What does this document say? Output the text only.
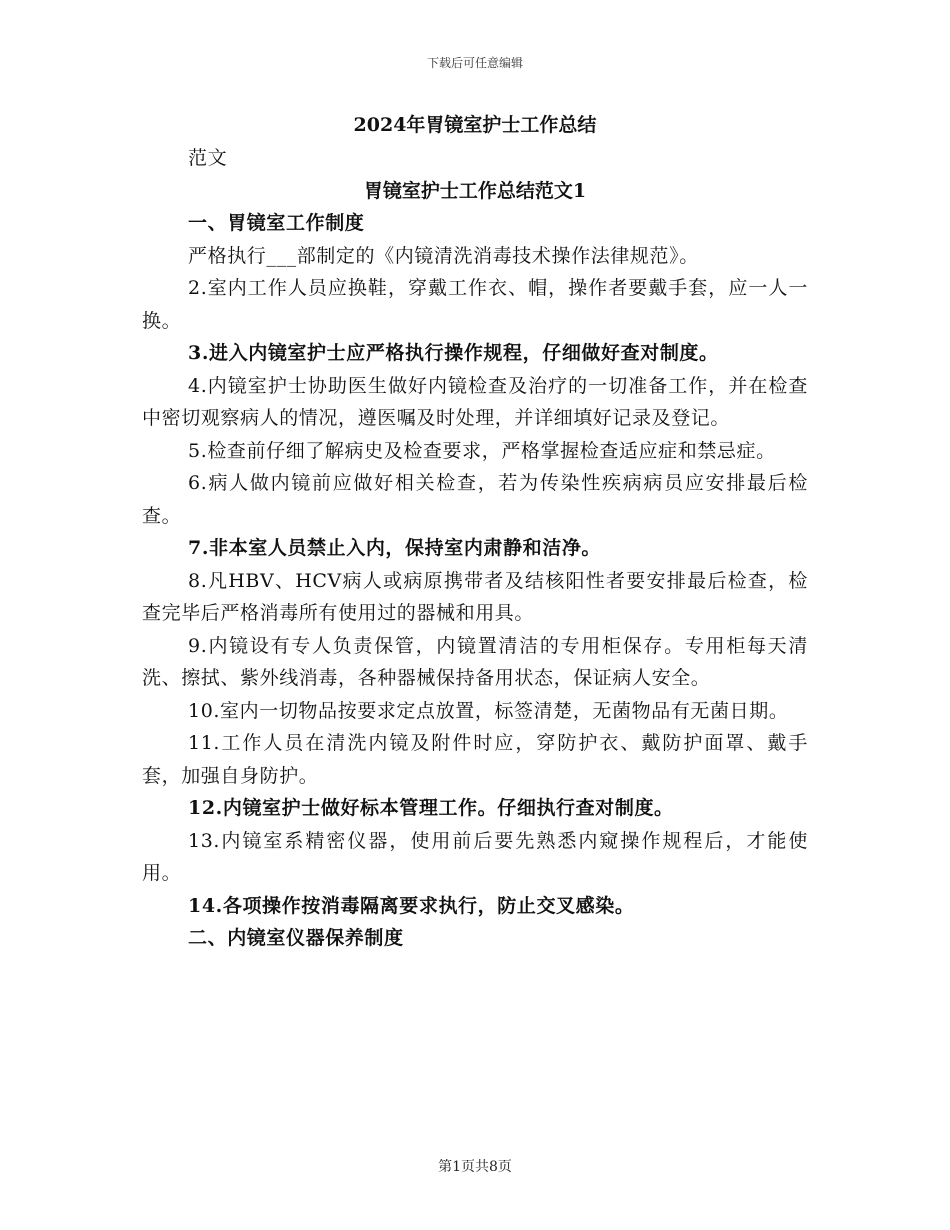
下载后可任意编辑
2024年胃镜室护士工作总结

范文

胃镜室护士工作总结范文1

一、胃镜室工作制度

严格执行___部制定的《内镜清洗消毒技术操作法律规范》。

2.室内工作人员应换鞋，穿戴工作衣、帽，操作者要戴手套，应一人一换。

3.进入内镜室护士应严格执行操作规程，仔细做好查对制度。

4.内镜室护士协助医生做好内镜检查及治疗的一切准备工作，并在检查中密切观察病人的情况，遵医嘱及时处理，并详细填好记录及登记。

5.检查前仔细了解病史及检查要求，严格掌握检查适应症和禁忌症。

6.病人做内镜前应做好相关检查，若为传染性疾病病员应安排最后检查。

7.非本室人员禁止入内，保持室内肃静和洁净。

8.凡HBV、HCV病人或病原携带者及结核阳性者要安排最后检查，检查完毕后严格消毒所有使用过的器械和用具。

9.内镜设有专人负责保管，内镜置清洁的专用柜保存。专用柜每天清洗、擦拭、紫外线消毒，各种器械保持备用状态，保证病人安全。

10.室内一切物品按要求定点放置，标签清楚，无菌物品有无菌日期。

11.工作人员在清洗内镜及附件时应，穿防护衣、戴防护面罩、戴手套，加强自身防护。

12.内镜室护士做好标本管理工作。仔细执行查对制度。

13.内镜室系精密仪器，使用前后要先熟悉内窥操作规程后，才能使用。

14.各项操作按消毒隔离要求执行，防止交叉感染。

二、内镜室仪器保养制度

第1页共8页
